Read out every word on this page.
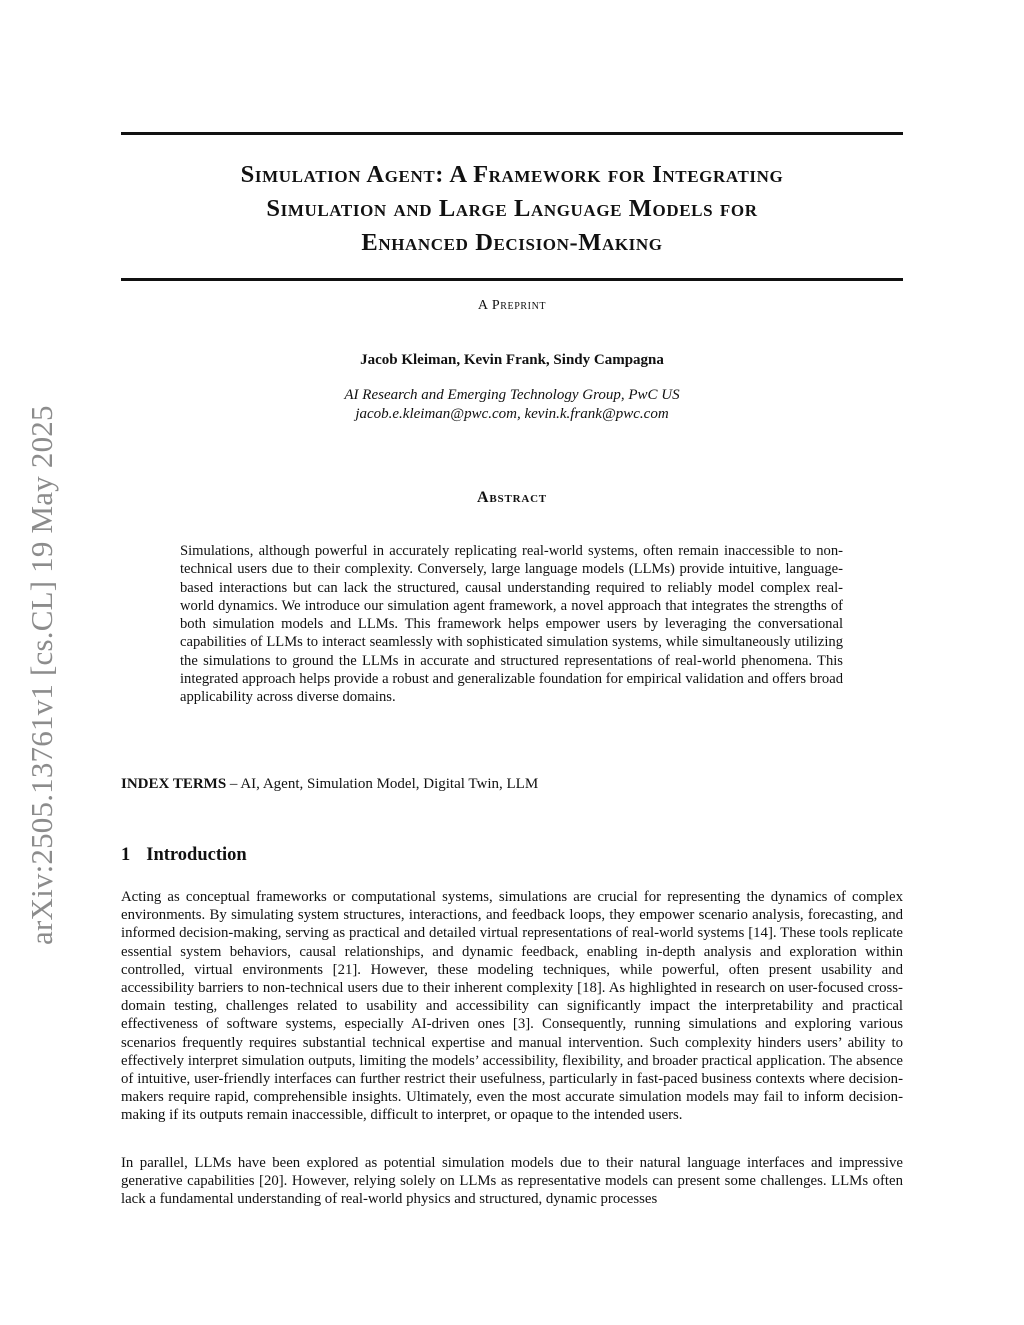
arXiv:2505.13761v1 [cs.CL] 19 May 2025
Simulation Agent: A Framework for Integrating
Simulation and Large Language Models for
Enhanced Decision-Making
A Preprint
Jacob Kleiman, Kevin Frank, Sindy Campagna
AI Research and Emerging Technology Group, PwC US
jacob.e.kleiman@pwc.com, kevin.k.frank@pwc.com
Abstract
Simulations, although powerful in accurately replicating real-world systems, often remain inaccessible to non-technical users due to their complexity. Conversely, large language models (LLMs) provide intuitive, language-based interactions but can lack the structured, causal understanding required to reliably model complex real-world dynamics. We introduce our simulation agent framework, a novel approach that integrates the strengths of both simulation models and LLMs. This framework helps empower users by leveraging the conversational capabilities of LLMs to interact seamlessly with sophisticated simulation systems, while simultaneously utilizing the simulations to ground the LLMs in accurate and structured representations of real-world phenomena. This integrated approach helps provide a robust and generalizable foundation for empirical validation and offers broad applicability across diverse domains.
INDEX TERMS – AI, Agent, Simulation Model, Digital Twin, LLM
1 Introduction

Acting as conceptual frameworks or computational systems, simulations are crucial for representing the dynamics of complex environments. By simulating system structures, interactions, and feedback loops, they empower scenario analysis, forecasting, and informed decision-making, serving as practical and detailed virtual representations of real-world systems [14]. These tools replicate essential system behaviors, causal relationships, and dynamic feedback, enabling in-depth analysis and exploration within controlled, virtual environments [21]. However, these modeling techniques, while powerful, often present usability and accessibility barriers to non-technical users due to their inherent complexity [18]. As highlighted in research on user-focused cross-domain testing, challenges related to usability and accessibility can significantly impact the interpretability and practical effectiveness of software systems, especially AI-driven ones [3]. Consequently, running simulations and exploring various scenarios frequently requires substantial technical expertise and manual intervention. Such complexity hinders users’ ability to effectively interpret simulation outputs, limiting the models’ accessibility, flexibility, and broader practical application. The absence of intuitive, user-friendly interfaces can further restrict their usefulness, particularly in fast-paced business contexts where decision-makers require rapid, comprehensible insights. Ultimately, even the most accurate simulation models may fail to inform decision-making if its outputs remain inaccessible, difficult to interpret, or opaque to the intended users.

In parallel, LLMs have been explored as potential simulation models due to their natural language interfaces and impressive generative capabilities [20]. However, relying solely on LLMs as representative models can present some challenges. LLMs often lack a fundamental understanding of real-world physics and structured, dynamic processes
